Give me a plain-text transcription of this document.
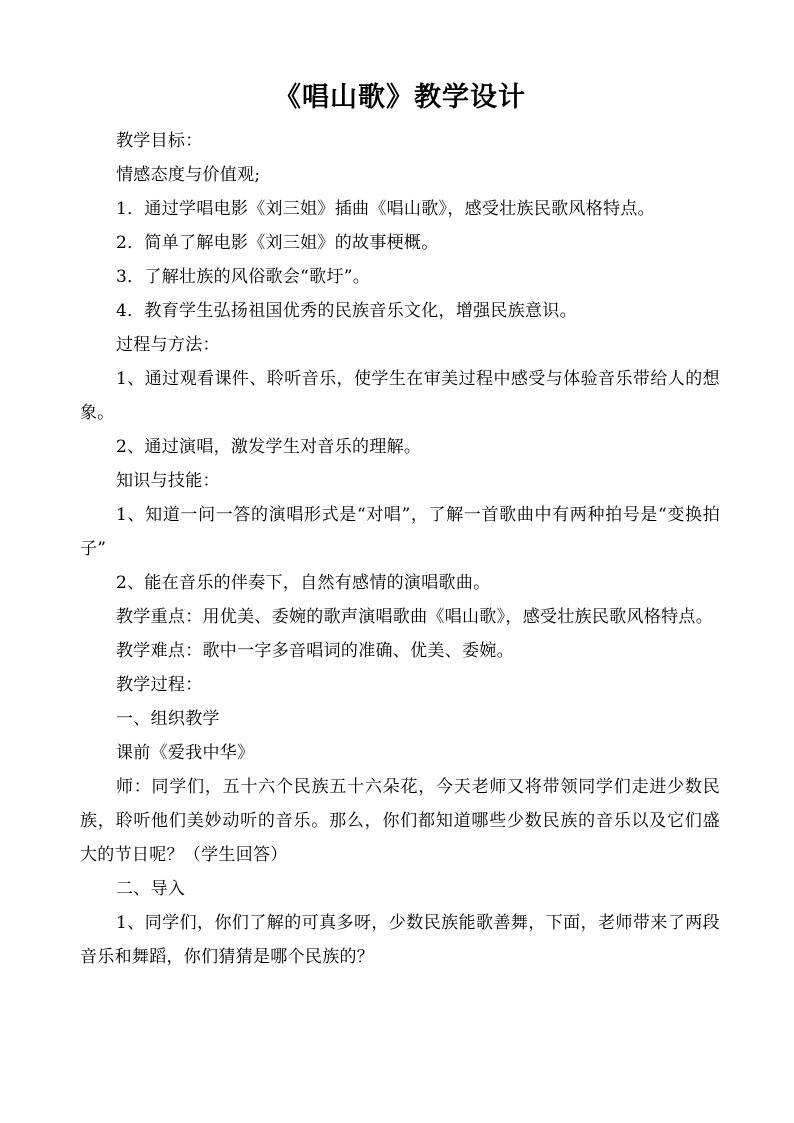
《唱山歌》教学设计

教学目标：

情感态度与价值观;

1．通过学唱电影《刘三姐》插曲《唱山歌》，感受壮族民歌风格特点。

2．简单了解电影《刘三姐》的故事梗概。

3．了解壮族的风俗歌会“歌圩”。

4．教育学生弘扬祖国优秀的民族音乐文化，增强民族意识。

过程与方法：

1、通过观看课件、聆听音乐，使学生在审美过程中感受与体验音乐带给人的想象。

2、通过演唱，激发学生对音乐的理解。

知识与技能：

1、知道一问一答的演唱形式是“对唱”，了解一首歌曲中有两种拍号是“变换拍子”

2、能在音乐的伴奏下，自然有感情的演唱歌曲。

教学重点：用优美、委婉的歌声演唱歌曲《唱山歌》，感受壮族民歌风格特点。

教学难点：歌中一字多音唱词的准确、优美、委婉。

教学过程：

一、组织教学

课前《爱我中华》

师：同学们，五十六个民族五十六朵花，今天老师又将带领同学们走进少数民族，聆听他们美妙动听的音乐。那么，你们都知道哪些少数民族的音乐以及它们盛大的节日呢？（学生回答）

二、导入

1、同学们，你们了解的可真多呀，少数民族能歌善舞，下面，老师带来了两段音乐和舞蹈，你们猜猜是哪个民族的？
